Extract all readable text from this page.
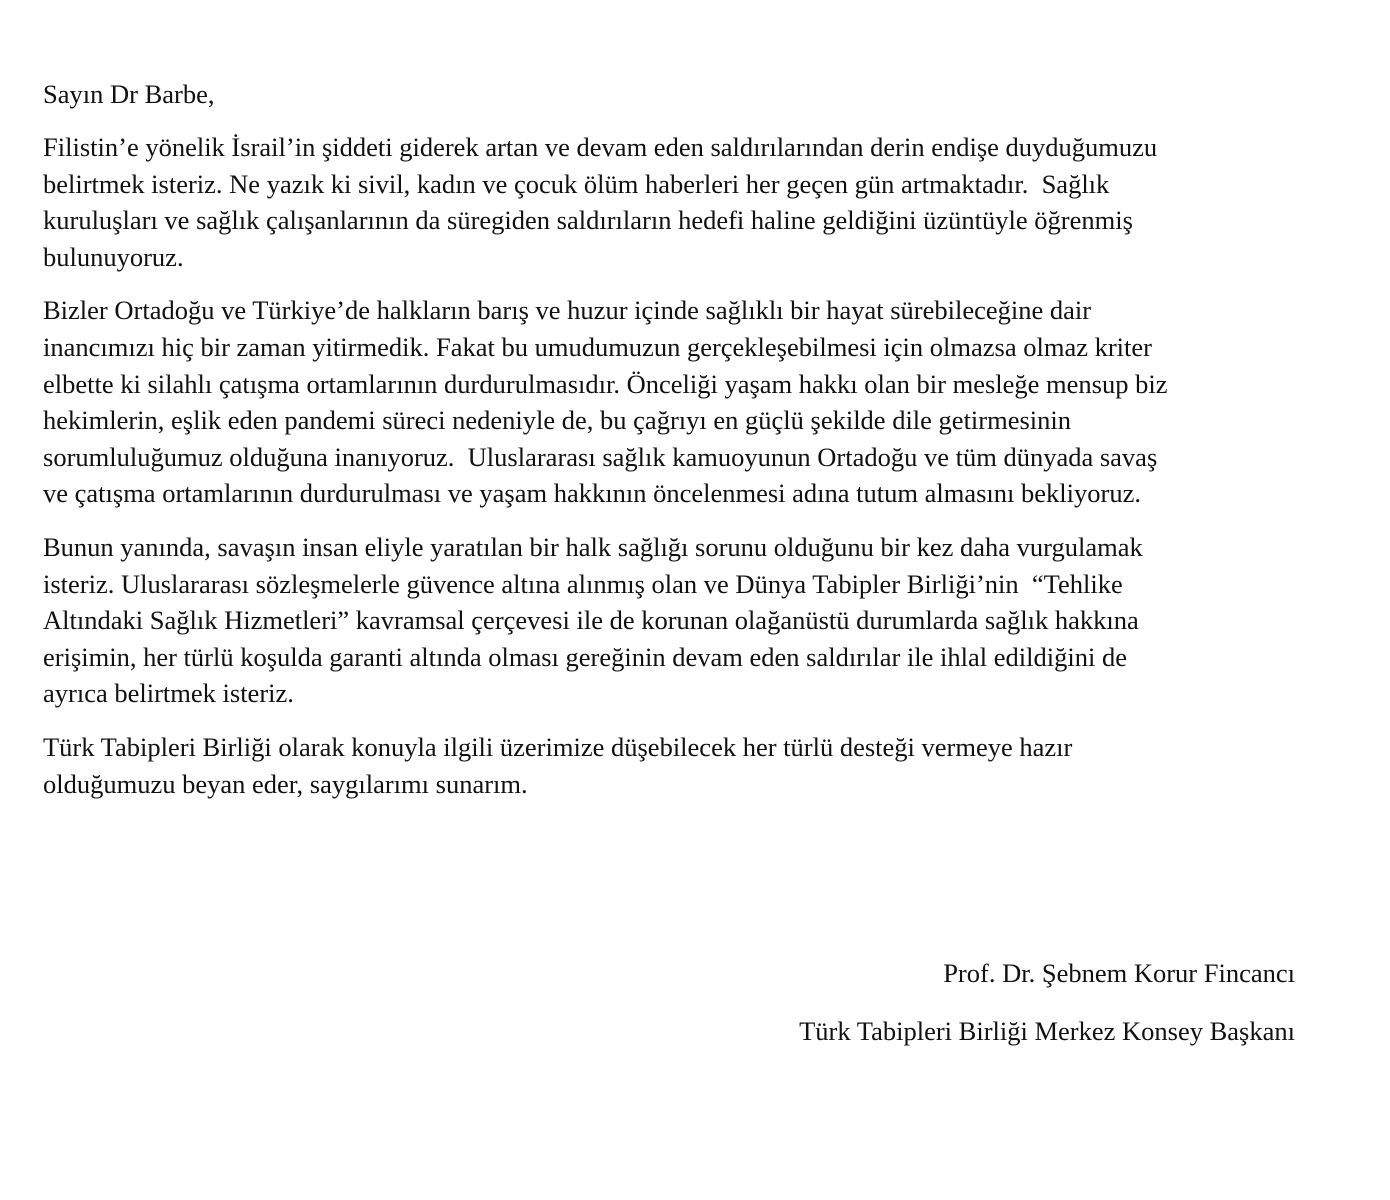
Sayın Dr Barbe,

Filistin’e yönelik İsrail’in şiddeti giderek artan ve devam eden saldırılarından derin endişe duyduğumuzu
belirtmek isteriz. Ne yazık ki sivil, kadın ve çocuk ölüm haberleri her geçen gün artmaktadır.  Sağlık
kuruluşları ve sağlık çalışanlarının da süregiden saldırıların hedefi haline geldiğini üzüntüyle öğrenmiş
bulunuyoruz.

Bizler Ortadoğu ve Türkiye’de halkların barış ve huzur içinde sağlıklı bir hayat sürebileceğine dair
inancımızı hiç bir zaman yitirmedik. Fakat bu umudumuzun gerçekleşebilmesi için olmazsa olmaz kriter
elbette ki silahlı çatışma ortamlarının durdurulmasıdır. Önceliği yaşam hakkı olan bir mesleğe mensup biz
hekimlerin, eşlik eden pandemi süreci nedeniyle de, bu çağrıyı en güçlü şekilde dile getirmesinin
sorumluluğumuz olduğuna inanıyoruz.  Uluslararası sağlık kamuoyunun Ortadoğu ve tüm dünyada savaş
ve çatışma ortamlarının durdurulması ve yaşam hakkının öncelenmesi adına tutum almasını bekliyoruz.

Bunun yanında, savaşın insan eliyle yaratılan bir halk sağlığı sorunu olduğunu bir kez daha vurgulamak
isteriz. Uluslararası sözleşmelerle güvence altına alınmış olan ve Dünya Tabipler Birliği’nin  “Tehlike
Altındaki Sağlık Hizmetleri” kavramsal çerçevesi ile de korunan olağanüstü durumlarda sağlık hakkına
erişimin, her türlü koşulda garanti altında olması gereğinin devam eden saldırılar ile ihlal edildiğini de
ayrıca belirtmek isteriz.

Türk Tabipleri Birliği olarak konuyla ilgili üzerimize düşebilecek her türlü desteği vermeye hazır
olduğumuzu beyan eder, saygılarımı sunarım.

Prof. Dr. Şebnem Korur Fincancı

Türk Tabipleri Birliği Merkez Konsey Başkanı
